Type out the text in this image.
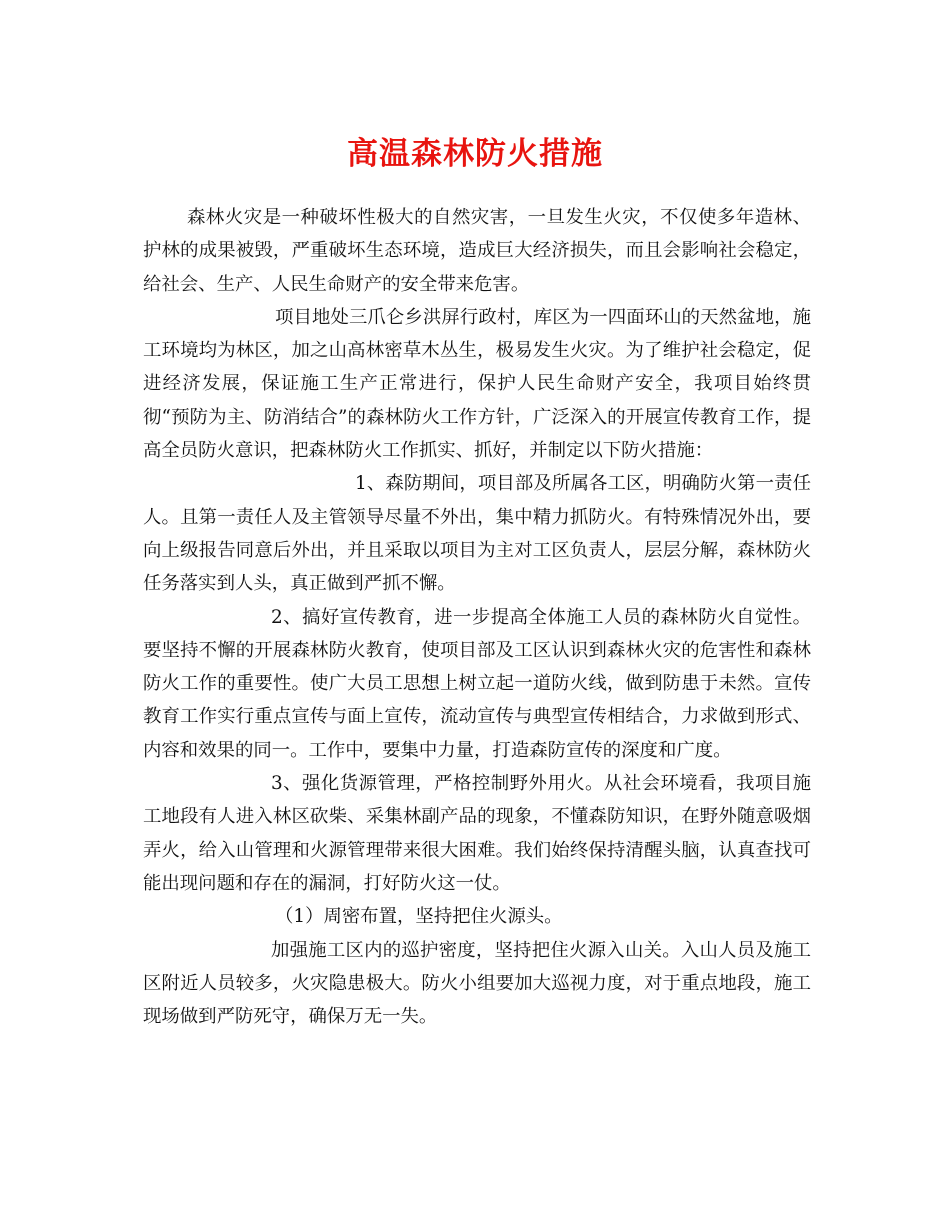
高温森林防火措施

森林火灾是一种破坏性极大的自然灾害，一旦发生火灾，不仅使多年造林、护林的成果被毁，严重破坏生态环境，造成巨大经济损失，而且会影响社会稳定，给社会、生产、人民生命财产的安全带来危害。

项目地处三爪仑乡洪屏行政村，库区为一四面环山的天然盆地，施工环境均为林区，加之山高林密草木丛生，极易发生火灾。为了维护社会稳定，促进经济发展，保证施工生产正常进行，保护人民生命财产安全，我项目始终贯彻“预防为主、防消结合”的森林防火工作方针，广泛深入的开展宣传教育工作，提高全员防火意识，把森林防火工作抓实、抓好，并制定以下防火措施：

1、森防期间，项目部及所属各工区，明确防火第一责任人。且第一责任人及主管领导尽量不外出，集中精力抓防火。有特殊情况外出，要向上级报告同意后外出，并且采取以项目为主对工区负责人，层层分解，森林防火任务落实到人头，真正做到严抓不懈。

2、搞好宣传教育，进一步提高全体施工人员的森林防火自觉性。要坚持不懈的开展森林防火教育，使项目部及工区认识到森林火灾的危害性和森林防火工作的重要性。使广大员工思想上树立起一道防火线，做到防患于未然。宣传教育工作实行重点宣传与面上宣传，流动宣传与典型宣传相结合，力求做到形式、内容和效果的同一。工作中，要集中力量，打造森防宣传的深度和广度。

3、强化货源管理，严格控制野外用火。从社会环境看，我项目施工地段有人进入林区砍柴、采集林副产品的现象，不懂森防知识，在野外随意吸烟弄火，给入山管理和火源管理带来很大困难。我们始终保持清醒头脑，认真查找可能出现问题和存在的漏洞，打好防火这一仗。

（1）周密布置，坚持把住火源头。

加强施工区内的巡护密度，坚持把住火源入山关。入山人员及施工区附近人员较多，火灾隐患极大。防火小组要加大巡视力度，对于重点地段，施工现场做到严防死守，确保万无一失。
